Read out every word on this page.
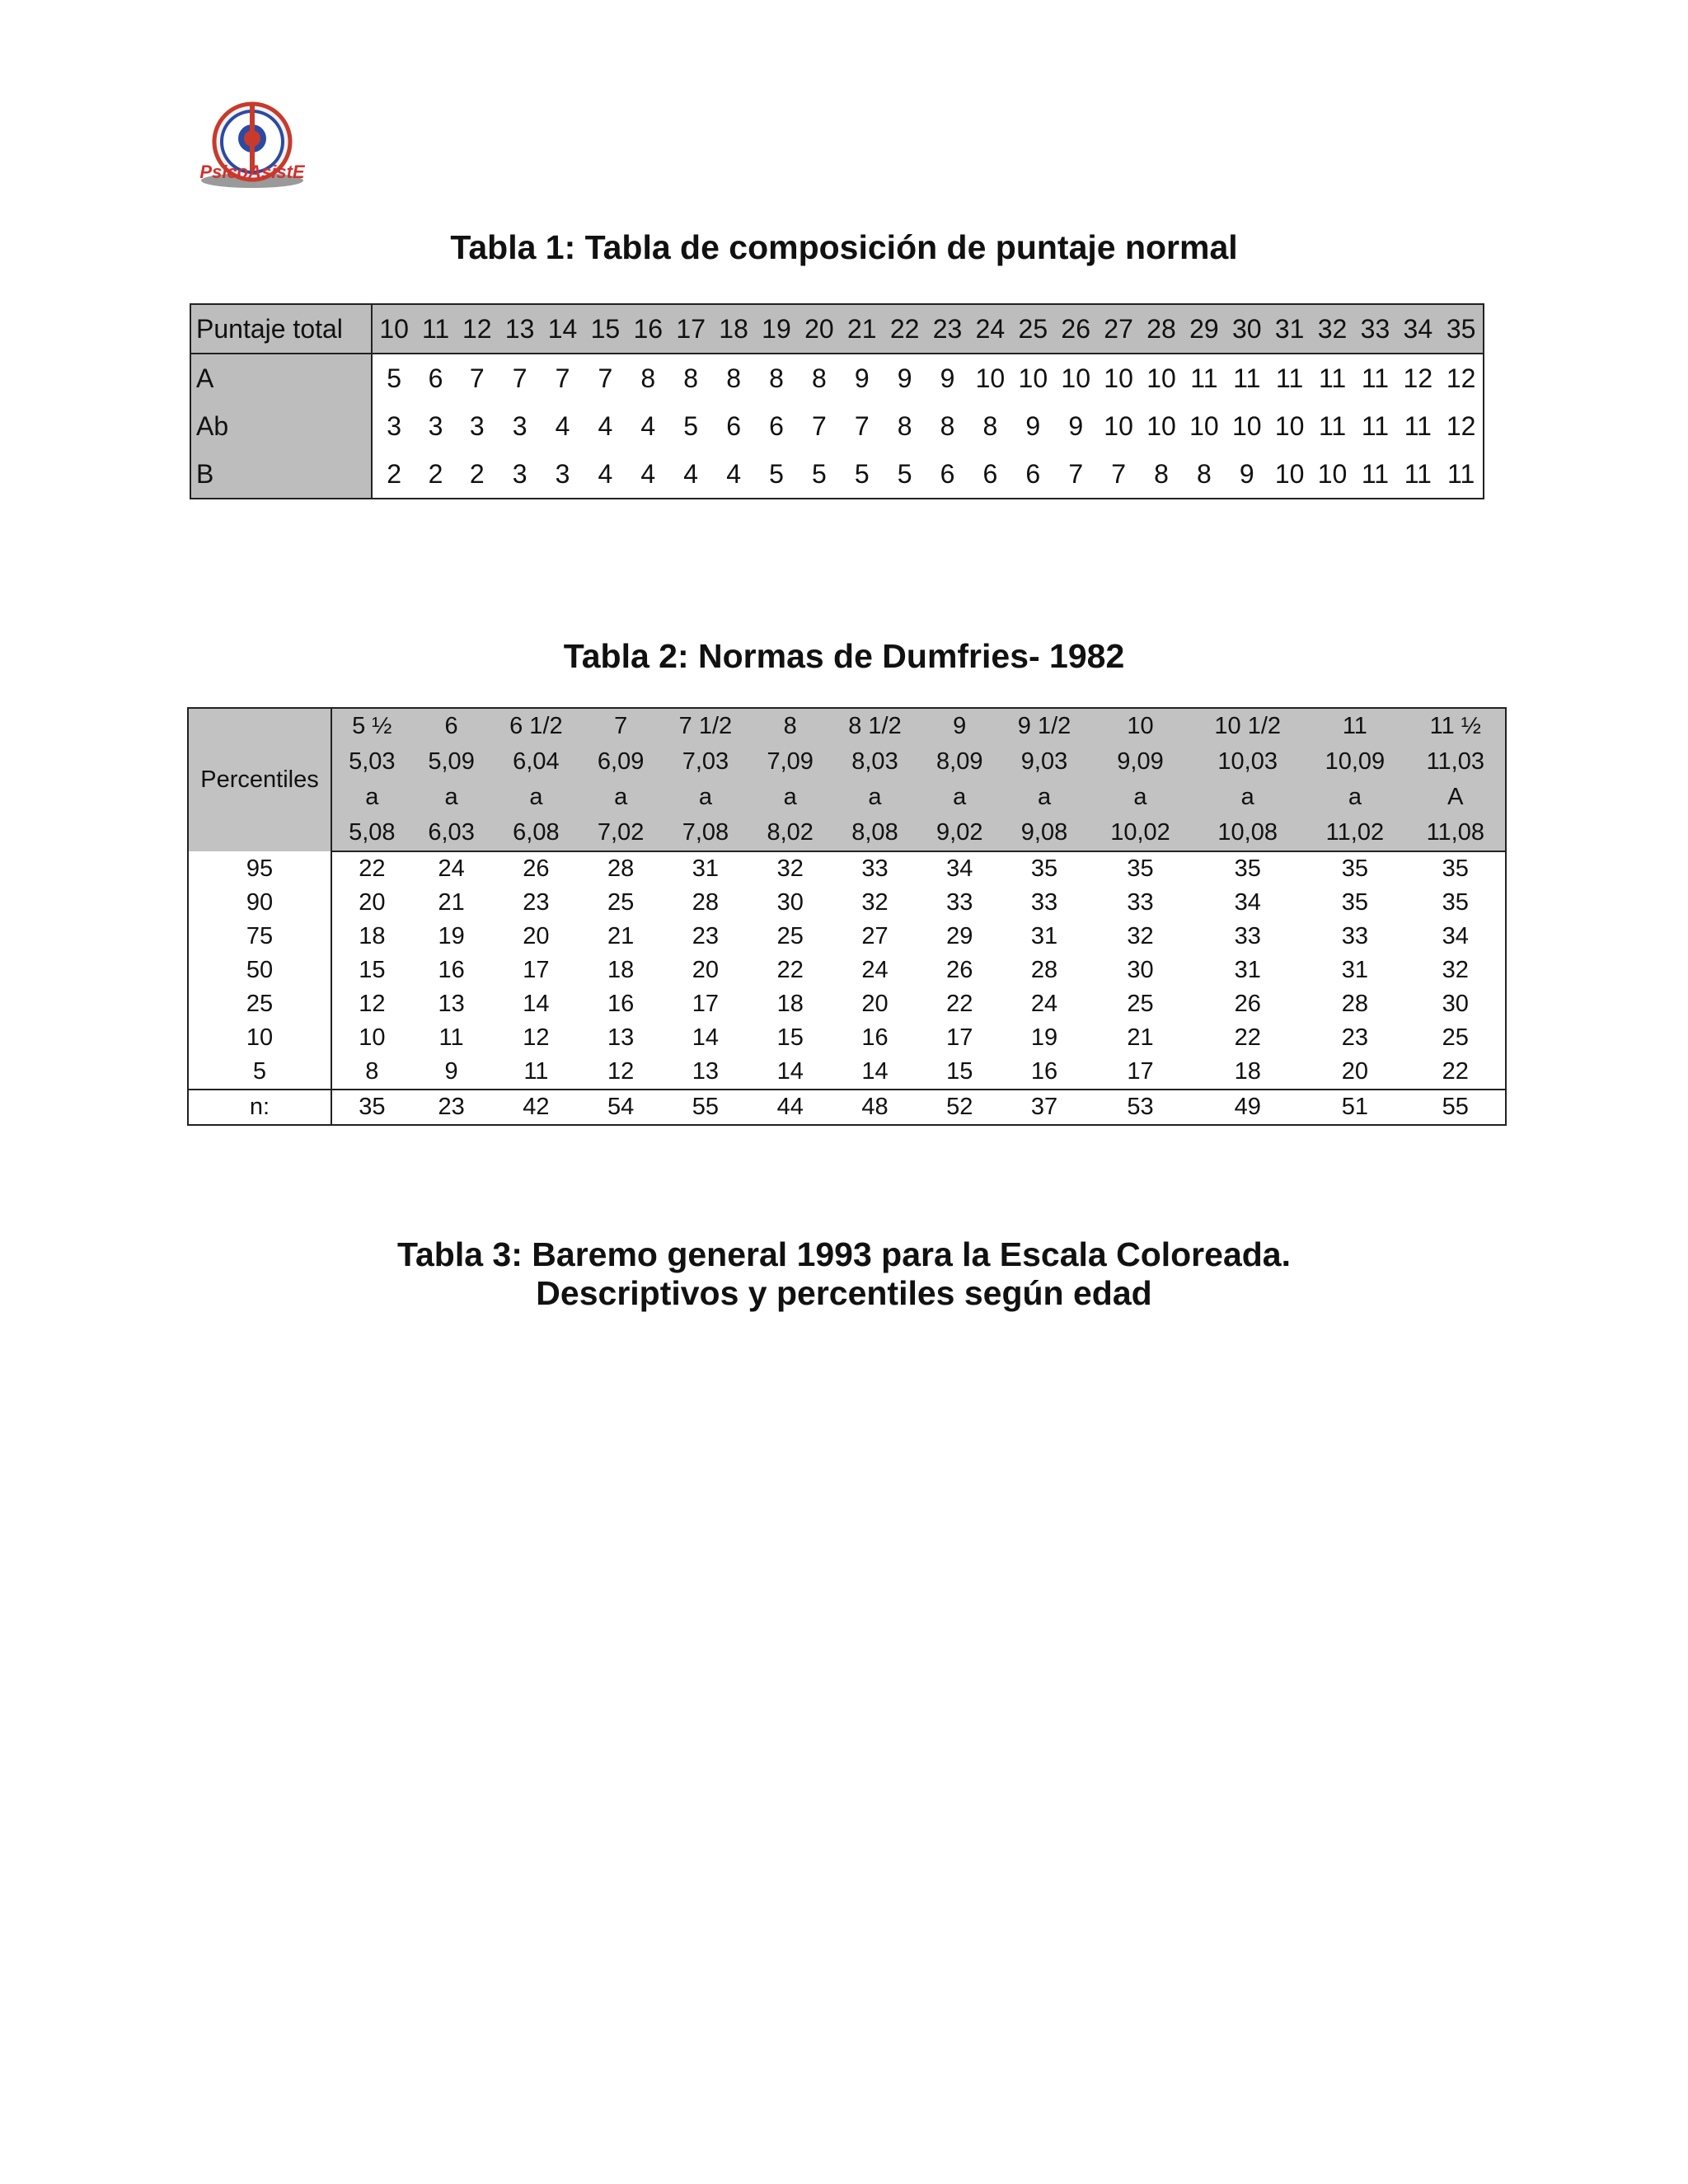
PsicoAsistE
Tabla 1: Tabla de composición de puntaje normal
Puntaje total	10	11	12	13	14	15	16	17	18	19	20	21	22	23	24	25	26	27	28	29	30	31	32	33	34	35
A	5	6	7	7	7	7	8	8	8	8	8	9	9	9	10	10	10	10	10	11	11	11	11	11	12	12
Ab	3	3	3	3	4	4	4	5	6	6	7	7	8	8	8	9	9	10	10	10	10	10	11	11	11	12
B	2	2	2	3	3	4	4	4	4	5	5	5	5	6	6	6	7	7	8	8	9	10	10	11	11	11
Tabla 2: Normas de Dumfries- 1982
Percentiles	5 ½	6	6 1/2	7	7 1/2	8	8 1/2	9	9 1/2	10	10 1/2	11	11 ½
	5,03	5,09	6,04	6,09	7,03	7,09	8,03	8,09	9,03	9,09	10,03	10,09	11,03
	a	a	a	a	a	a	a	a	a	a	a	a	A
	5,08	6,03	6,08	7,02	7,08	8,02	8,08	9,02	9,08	10,02	10,08	11,02	11,08
95	22	24	26	28	31	32	33	34	35	35	35	35	35
90	20	21	23	25	28	30	32	33	33	33	34	35	35
75	18	19	20	21	23	25	27	29	31	32	33	33	34
50	15	16	17	18	20	22	24	26	28	30	31	31	32
25	12	13	14	16	17	18	20	22	24	25	26	28	30
10	10	11	12	13	14	15	16	17	19	21	22	23	25
5	8	9	11	12	13	14	14	15	16	17	18	20	22
n:	35	23	42	54	55	44	48	52	37	53	49	51	55
Tabla 3: Baremo general 1993 para la Escala Coloreada.
Descriptivos y percentiles según edad
